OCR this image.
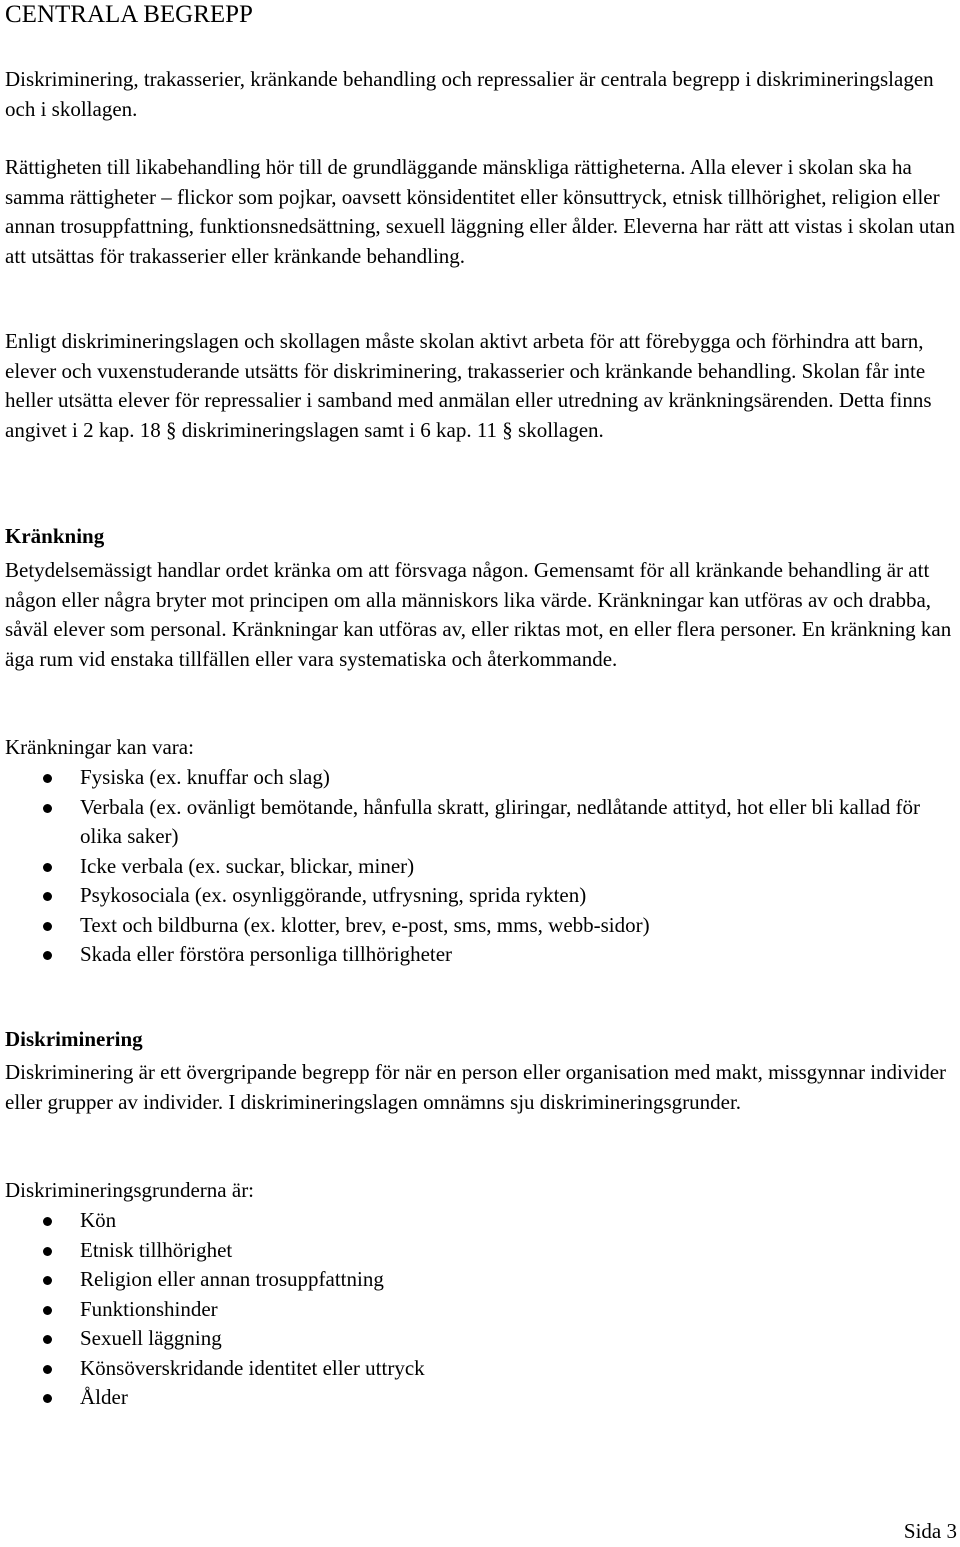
CENTRALA BEGREPP

Diskriminering, trakasserier, kränkande behandling och repressalier är centrala begrepp i diskrimineringslagen och i skollagen.

Rättigheten till likabehandling hör till de grundläggande mänskliga rättigheterna. Alla elever i skolan ska ha samma rättigheter – flickor som pojkar, oavsett könsidentitet eller könsuttryck, etnisk tillhörighet, religion eller annan trosuppfattning, funktionsnedsättning, sexuell läggning eller ålder. Eleverna har rätt att vistas i skolan utan att utsättas för trakasserier eller kränkande behandling.

Enligt diskrimineringslagen och skollagen måste skolan aktivt arbeta för att förebygga och förhindra att barn, elever och vuxenstuderande utsätts för diskriminering, trakasserier och kränkande behandling. Skolan får inte heller utsätta elever för repressalier i samband med anmälan eller utredning av kränkningsärenden. Detta finns angivet i 2 kap. 18 § diskrimineringslagen samt i 6 kap. 11 § skollagen.

Kränkning

Betydelsemässigt handlar ordet kränka om att försvaga någon. Gemensamt för all kränkande behandling är att någon eller några bryter mot principen om alla människors lika värde. Kränkningar kan utföras av och drabba, såväl elever som personal. Kränkningar kan utföras av, eller riktas mot, en eller flera personer. En kränkning kan äga rum vid enstaka tillfällen eller vara systematiska och återkommande.

Kränkningar kan vara:
Fysiska (ex. knuffar och slag)
Verbala (ex. ovänligt bemötande, hånfulla skratt, gliringar, nedlåtande attityd, hot eller bli kallad för olika saker)
Icke verbala (ex. suckar, blickar, miner)
Psykosociala (ex. osynliggörande, utfrysning, sprida rykten)
Text och bildburna (ex. klotter, brev, e-post, sms, mms, webb-sidor)
Skada eller förstöra personliga tillhörigheter
Diskriminering

Diskriminering är ett övergripande begrepp för när en person eller organisation med makt, missgynnar individer eller grupper av individer. I diskrimineringslagen omnämns sju diskrimineringsgrunder.

Diskrimineringsgrunderna är:
Kön
Etnisk tillhörighet
Religion eller annan trosuppfattning
Funktionshinder
Sexuell läggning
Könsöverskridande identitet eller uttryck
Ålder
Sida 3
